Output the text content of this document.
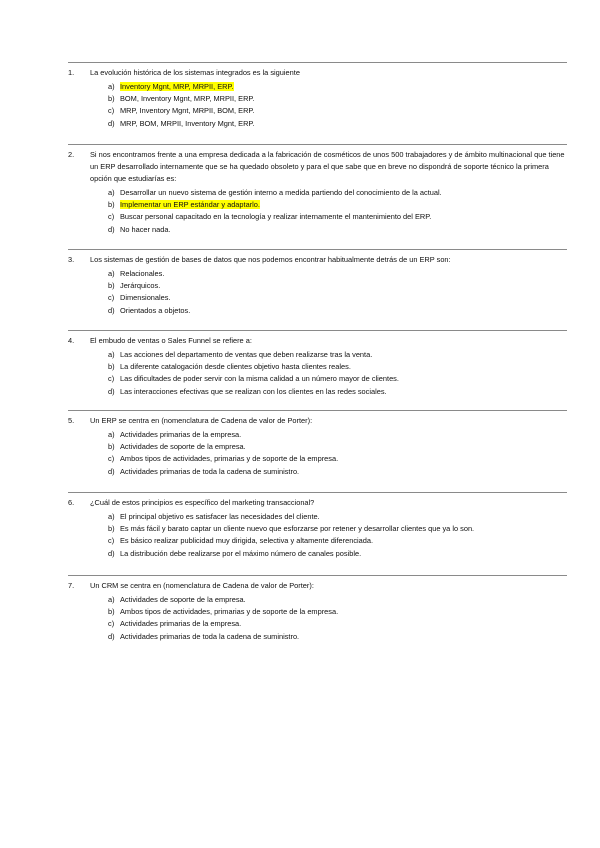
1.	La evolución histórica de los sistemas integrados es la siguiente
a) Inventory Mgnt, MRP, MRPII, ERP.
b) BOM, Inventory Mgnt, MRP, MRPII, ERP.
c) MRP, Inventory Mgnt, MRPII, BOM, ERP.
d) MRP, BOM, MRPII, Inventory Mgnt, ERP.
2.	Si nos encontramos frente a una empresa dedicada a la fabricación de cosméticos de unos 500 trabajadores y de ámbito multinacional que tiene un ERP desarrollado internamente que se ha quedado obsoleto y para el que sabe que en breve no dispondrá de soporte técnico la primera opción que estudiarías es:
a) Desarrollar un nuevo sistema de gestión interno a medida partiendo del conocimiento de la actual.
b) Implementar un ERP estándar y adaptarlo.
c) Buscar personal capacitado en la tecnología y realizar internamente el mantenimiento del ERP.
d) No hacer nada.
3.	Los sistemas de gestión de bases de datos que nos podemos encontrar habitualmente detrás de un ERP son:
a) Relacionales.
b) Jerárquicos.
c) Dimensionales.
d) Orientados a objetos.
4.	El embudo de ventas o Sales Funnel se refiere a:
a) Las acciones del departamento de ventas que deben realizarse tras la venta.
b) La diferente catalogación desde clientes objetivo hasta clientes reales.
c) Las dificultades de poder servir con la misma calidad a un número mayor de clientes.
d) Las interacciones efectivas que se realizan con los clientes en las redes sociales.
5.	Un ERP se centra en (nomenclatura de Cadena de valor de Porter):
a) Actividades primarias de la empresa.
b) Actividades de soporte de la empresa.
c) Ambos tipos de actividades, primarias y de soporte de la empresa.
d) Actividades primarias de toda la cadena de suministro.
6.	¿Cuál de estos principios es específico del marketing transaccional?
a) El principal objetivo es satisfacer las necesidades del cliente.
b) Es más fácil y barato captar un cliente nuevo que esforzarse por retener y desarrollar clientes que ya lo son.
c) Es básico realizar publicidad muy dirigida, selectiva y altamente diferenciada.
d) La distribución debe realizarse por el máximo número de canales posible.
7.	Un CRM se centra en (nomenclatura de Cadena de valor de Porter):
a) Actividades de soporte de la empresa.
b) Ambos tipos de actividades, primarias y de soporte de la empresa.
c) Actividades primarias de la empresa.
d) Actividades primarias de toda la cadena de suministro.
